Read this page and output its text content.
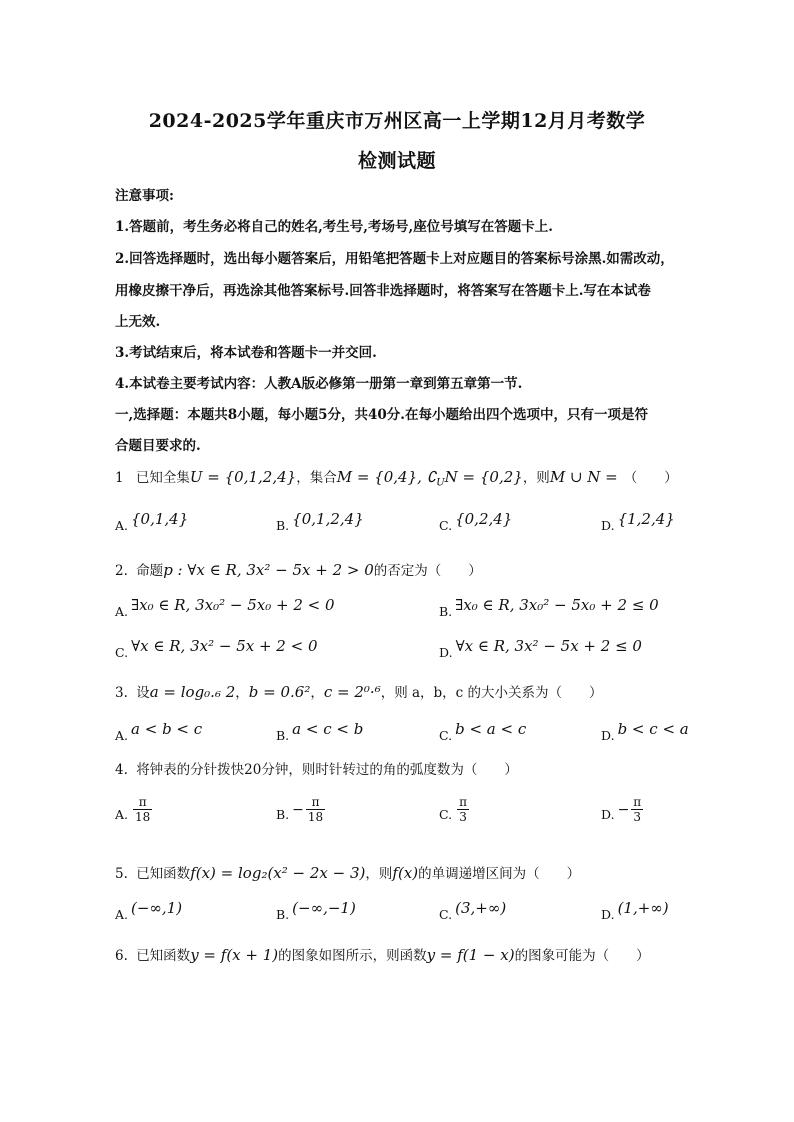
2024-2025学年重庆市万州区高一上学期12月月考数学
检测试题
注意事项:
1.答题前，考生务必将自己的姓名,考生号,考场号,座位号填写在答题卡上.
2.回答选择题时，选出每小题答案后，用铅笔把答题卡上对应题目的答案标号涂黑.如需改动，
用橡皮擦干净后，再选涂其他答案标号.回答非选择题时，将答案写在答题卡上.写在本试卷
上无效.
3.考试结束后，将本试卷和答题卡一并交回.
4.本试卷主要考试内容：人教A版必修第一册第一章到第五章第一节.
一,选择题：本题共8小题，每小题5分，共40分.在每小题给出四个选项中，只有一项是符
合题目要求的.
1 已知全集U = {0,1,2,4}，集合M = {0,4}, $∁_UN = \{0,2\}$，则M ∪ N = （　　）
A. {0,1,4}	B. {0,1,2,4}	C. {0,2,4}	D. {1,2,4}
2. 命题p : ∀x ∈ R, 3x² − 5x + 2 > 0的否定为（　　）
A. ∃x₀ ∈ R, 3x₀² − 5x₀ + 2 < 0	B. ∃x₀ ∈ R, 3x₀² − 5x₀ + 2 ≤ 0
C. ∀x ∈ R, 3x² − 5x + 2 < 0	D. ∀x ∈ R, 3x² − 5x + 2 ≤ 0
3. 设a = log₀.₆ 2，b = 0.6²，c = 2⁰·⁶，则 a，b，c 的大小关系为（　　）
A. a < b < c	B. a < c < b	C. b < a < c	D. b < c < a
4. 将钟表的分针拨快20分钟，则时针转过的角的弧度数为（　　）
A. $\frac{\pi}{18}$	B. − $\frac{\pi}{18}$	C. $\frac{\pi}{3}$	D. − $\frac{\pi}{3}$
5. 已知函数f(x) = log₂(x² − 2x − 3)，则f(x)的单调递增区间为（　　）
A. (−∞,1)	B. (−∞,−1)	C. (3,+∞)	D. (1,+∞)
6. 已知函数y = f(x + 1)的图象如图所示，则函数y = f(1 − x)的图象可能为（　　）
